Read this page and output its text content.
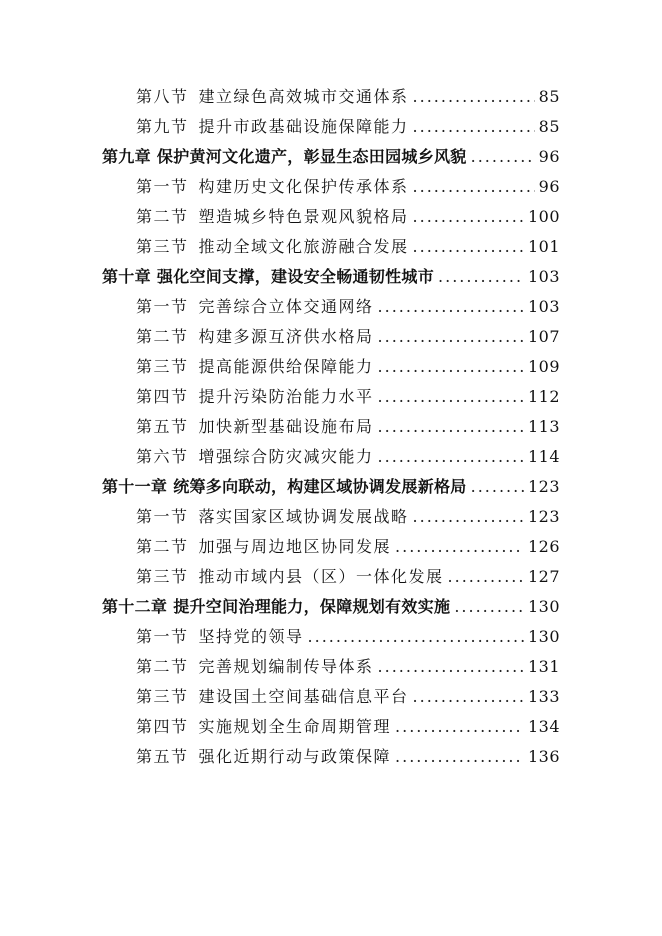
第八节 建立绿色高效城市交通体系 .....	85
第九节 提升市政基础设施保障能力 .....	85
第九章 保护黄河文化遗产，彰显生态田园城乡风貌 .....	96
第一节 构建历史文化保护传承体系 .....	96
第二节 塑造城乡特色景观风貌格局 .....	100
第三节 推动全域文化旅游融合发展 .....	101
第十章 强化空间支撑，建设安全畅通韧性城市 .....	103
第一节 完善综合立体交通网络 .....	103
第二节 构建多源互济供水格局 .....	107
第三节 提高能源供给保障能力 .....	109
第四节 提升污染防治能力水平 .....	112
第五节 加快新型基础设施布局 .....	113
第六节 增强综合防灾减灾能力 .....	114
第十一章 统筹多向联动，构建区域协调发展新格局 .....	123
第一节 落实国家区域协调发展战略 .....	123
第二节 加强与周边地区协同发展 .....	126
第三节 推动市域内县（区）一体化发展 .....	127
第十二章 提升空间治理能力，保障规划有效实施 .....	130
第一节 坚持党的领导 .....	130
第二节 完善规划编制传导体系 .....	131
第三节 建设国土空间基础信息平台 .....	133
第四节 实施规划全生命周期管理 .....	134
第五节 强化近期行动与政策保障 .....	136
